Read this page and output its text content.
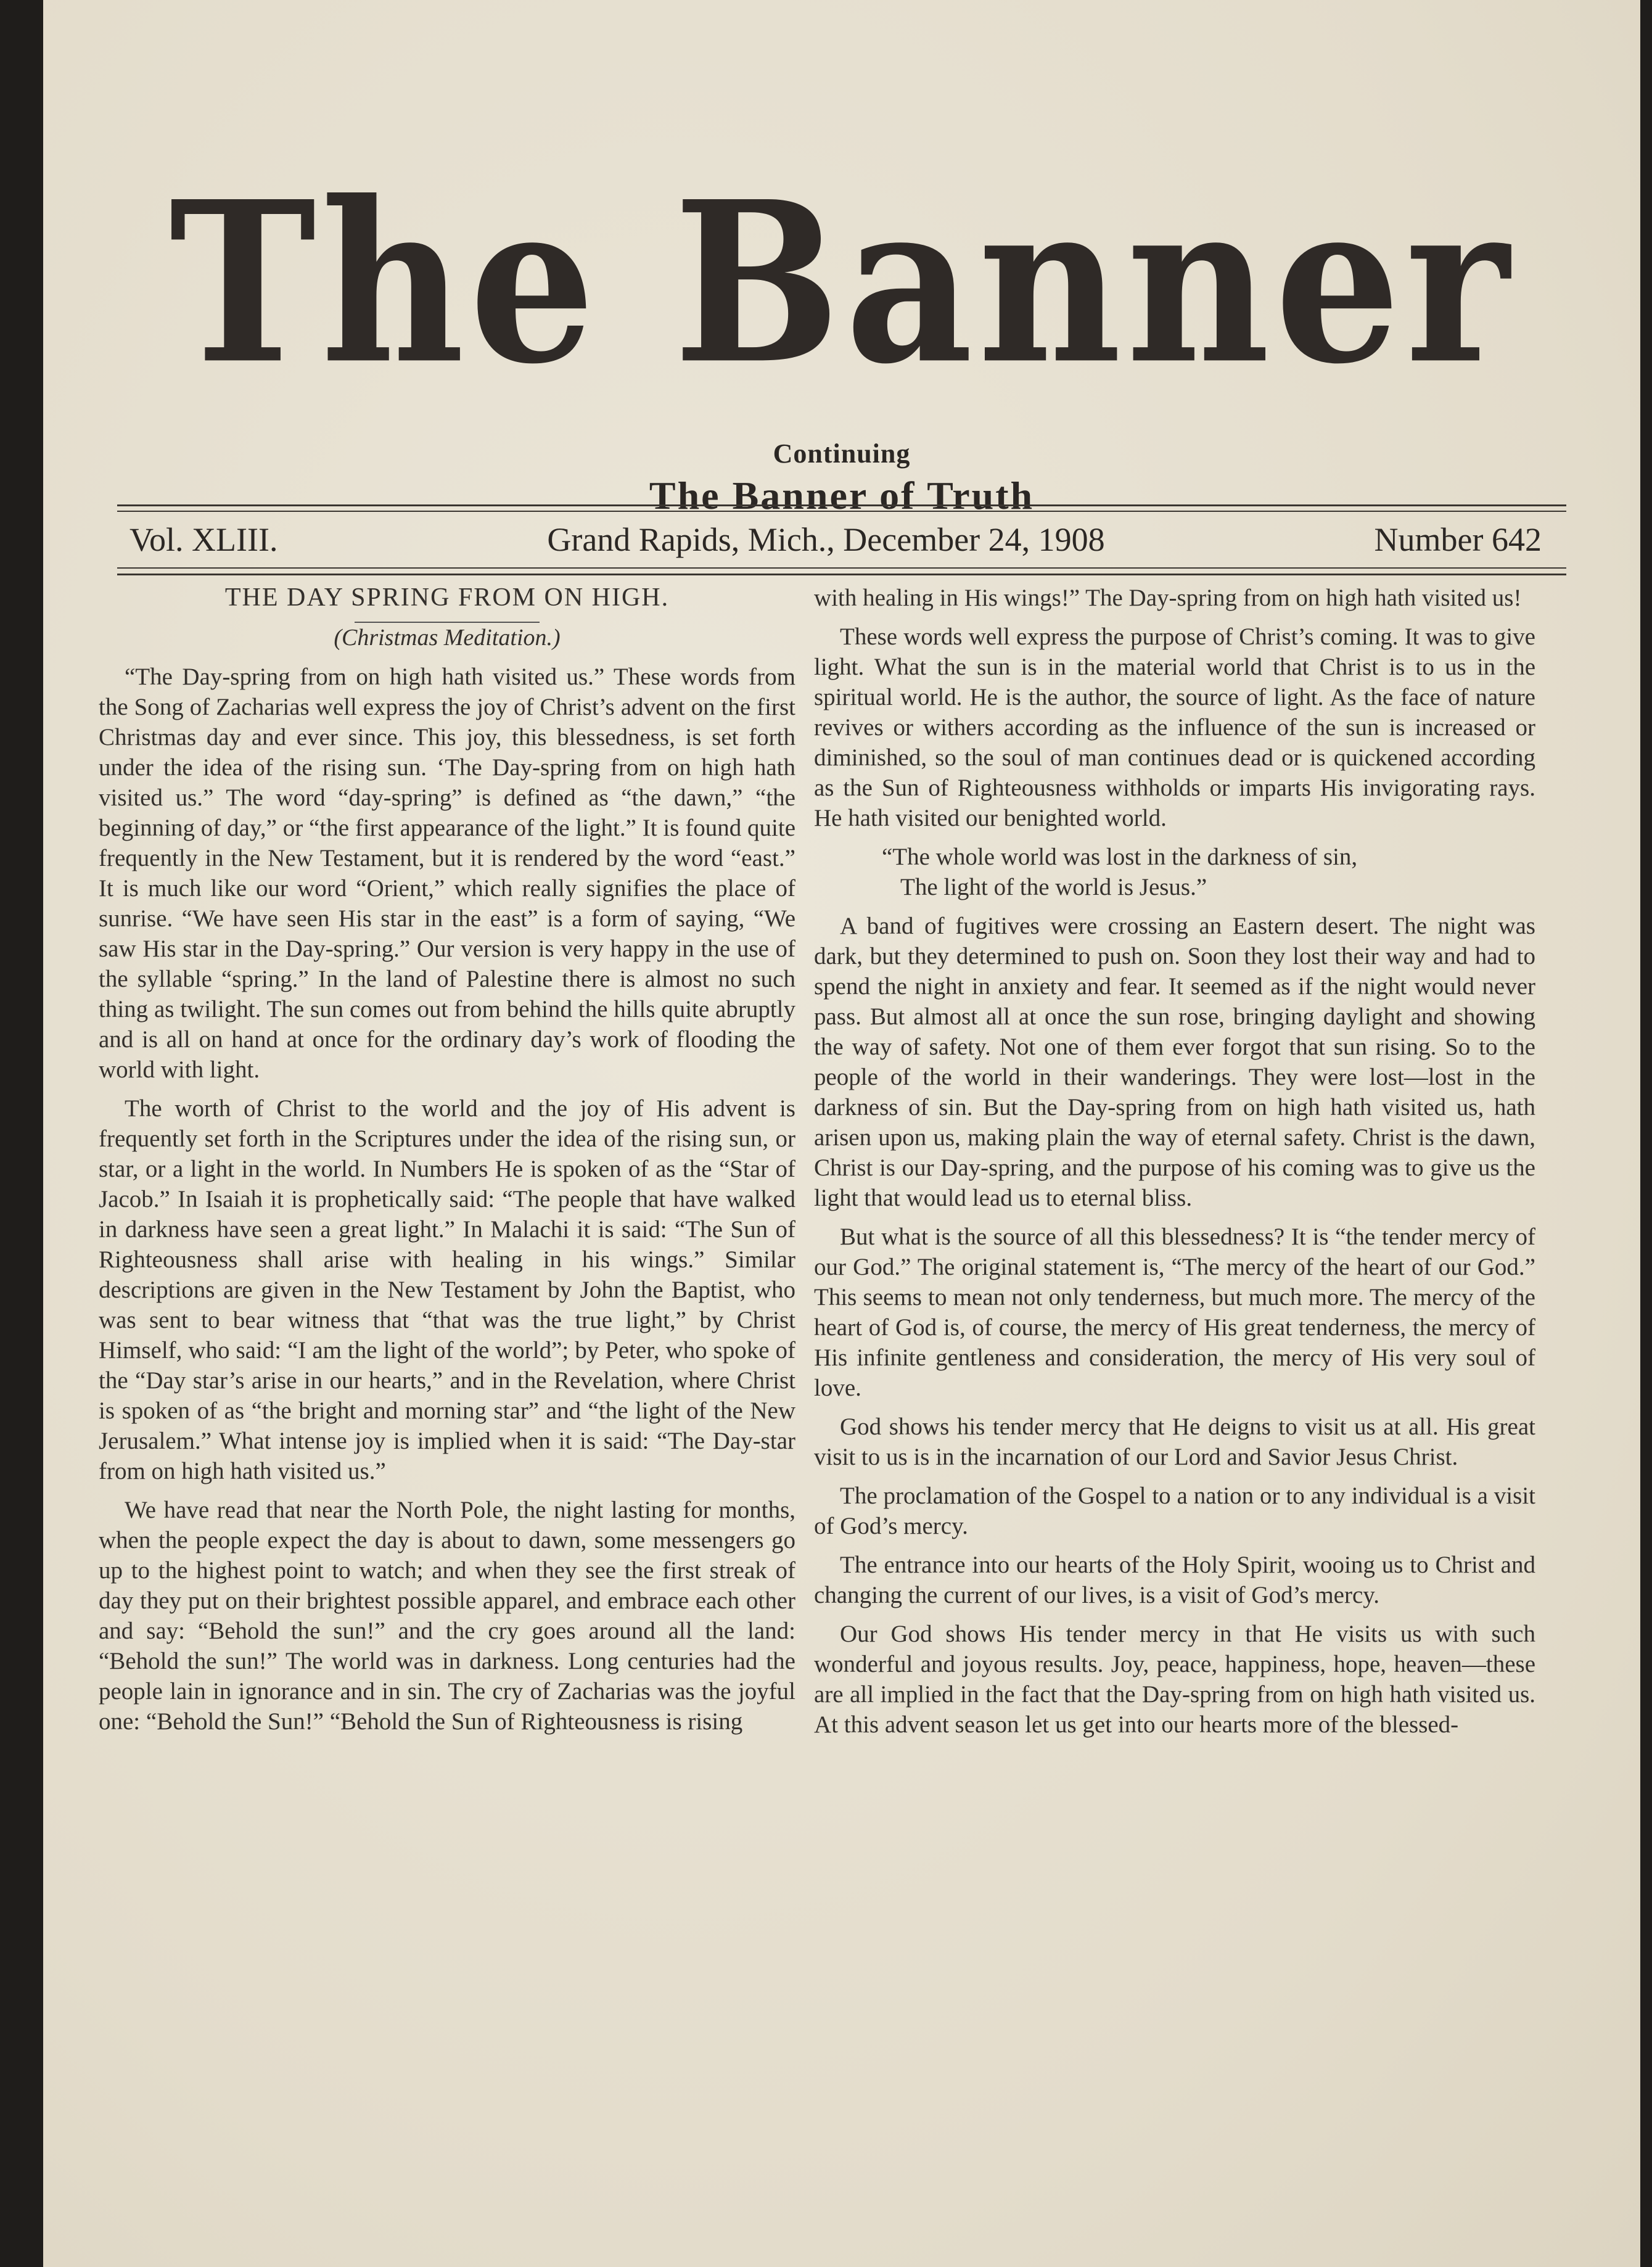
The Banner
Continuing
The Banner of Truth
Vol. XLIII.	Grand Rapids, Mich., December 24, 1908	Number 642

THE DAY SPRING FROM ON HIGH.

(Christmas Meditation.)

“The Day-spring from on high hath visited us.” These words from the Song of Zacharias well express the joy of Christ’s advent on the first Christmas day and ever since. This joy, this blessedness, is set forth under the idea of the rising sun. ‘The Day-spring from on high hath visited us.” The word “day-spring” is defined as “the dawn,” “the beginning of day,” or “the first appearance of the light.” It is found quite frequently in the New Testament, but it is rendered by the word “east.” It is much like our word “Orient,” which really signifies the place of sunrise. “We have seen His star in the east” is a form of saying, “We saw His star in the Day-spring.” Our version is very happy in the use of the syllable “spring.” In the land of Palestine there is almost no such thing as twilight. The sun comes out from behind the hills quite abruptly and is all on hand at once for the ordinary day’s work of flooding the world with light.

The worth of Christ to the world and the joy of His advent is frequently set forth in the Scriptures under the idea of the rising sun, or star, or a light in the world. In Numbers He is spoken of as the “Star of Jacob.” In Isaiah it is prophetically said: “The people that have walked in darkness have seen a great light.” In Malachi it is said: “The Sun of Righteousness shall arise with healing in his wings.” Similar descriptions are given in the New Testament by John the Baptist, who was sent to bear witness that “that was the true light,” by Christ Himself, who said: “I am the light of the world”; by Peter, who spoke of the “Day star’s arise in our hearts,” and in the Revelation, where Christ is spoken of as “the bright and morning star” and “the light of the New Jerusalem.” What intense joy is implied when it is said: “The Day-star from on high hath visited us.”

We have read that near the North Pole, the night lasting for months, when the people expect the day is about to dawn, some messengers go up to the highest point to watch; and when they see the first streak of day they put on their brightest possible apparel, and embrace each other and say: “Behold the sun!” and the cry goes around all the land: “Behold the sun!” The world was in darkness. Long centuries had the people lain in ignorance and in sin. The cry of Zacharias was the joyful one: “Behold the Sun!” “Behold the Sun of Righteousness is rising

with healing in His wings!” The Day-spring from on high hath visited us!

These words well express the purpose of Christ’s coming. It was to give light. What the sun is in the material world that Christ is to us in the spiritual world. He is the author, the source of light. As the face of nature revives or withers according as the influence of the sun is increased or diminished, so the soul of man continues dead or is quickened according as the Sun of Righteousness withholds or imparts His invigorating rays. He hath visited our benighted world.

“The whole world was lost in the darkness of sin,

The light of the world is Jesus.”

A band of fugitives were crossing an Eastern desert. The night was dark, but they determined to push on. Soon they lost their way and had to spend the night in anxiety and fear. It seemed as if the night would never pass. But almost all at once the sun rose, bringing daylight and showing the way of safety. Not one of them ever forgot that sun rising. So to the people of the world in their wanderings. They were lost—lost in the darkness of sin. But the Day-spring from on high hath visited us, hath arisen upon us, making plain the way of eternal safety. Christ is the dawn, Christ is our Day-spring, and the purpose of his coming was to give us the light that would lead us to eternal bliss.

But what is the source of all this blessedness? It is “the tender mercy of our God.” The original statement is, “The mercy of the heart of our God.” This seems to mean not only tenderness, but much more. The mercy of the heart of God is, of course, the mercy of His great tenderness, the mercy of His infinite gentleness and consideration, the mercy of His very soul of love.

God shows his tender mercy that He deigns to visit us at all. His great visit to us is in the incarnation of our Lord and Savior Jesus Christ.

The proclamation of the Gospel to a nation or to any individual is a visit of God’s mercy.

The entrance into our hearts of the Holy Spirit, wooing us to Christ and changing the current of our lives, is a visit of God’s mercy.

Our God shows His tender mercy in that He visits us with such wonderful and joyous results. Joy, peace, happiness, hope, heaven—these are all implied in the fact that the Day-spring from on high hath visited us. At this advent season let us get into our hearts more of the blessed-
